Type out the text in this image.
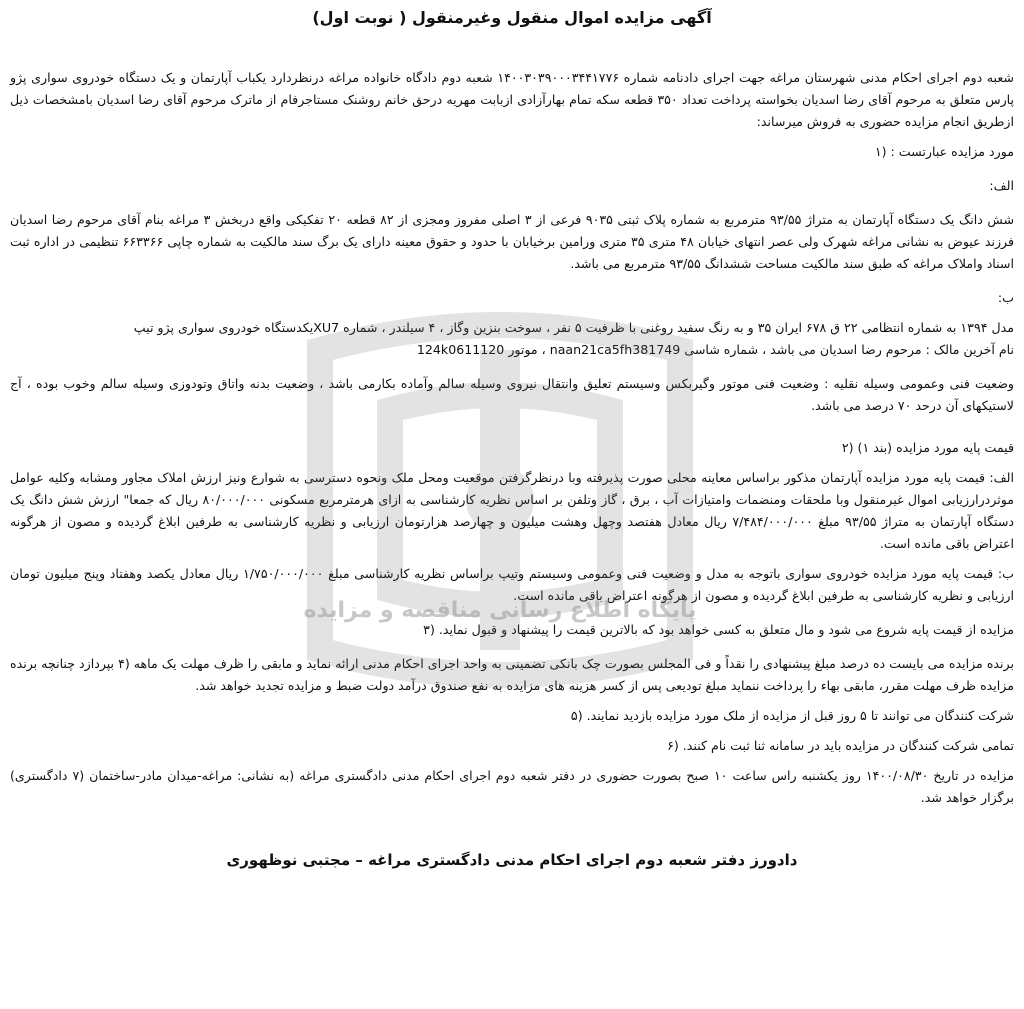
پایگاه اطلاع رسانی مناقصه و مزایده
آگهی مزایده اموال منقول وغیرمنقول ( نوبت اول)

شعبه دوم اجرای احکام مدنی شهرستان مراغه جهت اجرای دادنامه شماره ۱۴۰۰۳۰۳۹۰۰۰۳۴۴۱۷۷۶ شعبه دوم دادگاه خانواده مراغه درنظردارد یکباب آپارتمان و یک دستگاه خودروی سواری پژو پارس متعلق به مرحوم آقای رضا اسدیان بخواسته پرداخت تعداد ۳۵۰ قطعه سکه تمام بهارآزادی ازبابت مهریه درحق خانم روشنک مستاجرفام از ماترک مرحوم آقای رضا اسدیان بامشخصات ذیل ازطریق انجام مزایده حضوری به فروش میرساند:

مورد مزایده عبارتست : (۱

الف:

شش دانگ یک دستگاه آپارتمان به متراژ ۹۳/۵۵ مترمربع به شماره پلاک ثبتی ۹۰۳۵ فرعی از ۳ اصلی مفروز ومجزی از ۸۲ قطعه ۲۰ تفکیکی واقع دربخش ۳ مراغه بنام آقای مرحوم رضا اسدیان فرزند عیوض به نشانی مراغه شهرک ولی عصر انتهای خیابان ۴۸ متری ۳۵ متری ورامین برخیابان با حدود و حقوق معینه دارای یک برگ سند مالکیت به شماره چاپی ۶۶۳۳۶۶ تنظیمی در اداره ثبت اسناد واملاک مراغه که طبق سند مالکیت مساحت ششدانگ ۹۳/۵۵ مترمربع می باشد.

ب:

مدل ۱۳۹۴ به شماره انتظامی ۲۲ ق ۶۷۸ ایران ۳۵ و به رنگ سفید روغنی با ظرفیت ۵ نفر ، سوخت بنزین وگاز ، ۴ سیلندر ، شماره XU7یکدستگاه خودروی سواری پژو تیپ

نام آخرین مالک : مرحوم رضا اسدیان می باشد ، شماره شاسی naan21ca5fh381749 ، موتور 124k0611120

وضعیت فنی وعمومی وسیله نقلیه : وضعیت فنی موتور وگیربکس وسیستم تعلیق وانتقال نیروی وسیله سالم وآماده بکارمی باشد ، وضعیت بدنه واتاق وتودوزی وسیله سالم وخوب بوده ، آج لاستیکهای آن درحد ۷۰ درصد می باشد.

قیمت پایه مورد مزایده (بند ۱) (۲

الف: قیمت پایه مورد مزایده آپارتمان مذکور براساس معاینه محلی صورت پذیرفته وبا درنظرگرفتن موقعیت ومحل ملک ونحوه دسترسی به شوارع ونیز ارزش املاک مجاور ومشابه وکلیه عوامل موثردرارزیابی اموال غیرمنقول وبا ملحقات ومنضمات وامتیازات آب ، برق ، گاز وتلفن بر اساس نظریه کارشناسی به ازای هرمترمربع مسکونی ۸۰/۰۰۰/۰۰۰ ریال که جمعا" ارزش شش دانگ یک دستگاه آپارتمان به متراژ ۹۳/۵۵ مبلغ ۷/۴۸۴/۰۰۰/۰۰۰ ریال معادل هفتصد وچهل وهشت میلیون و چهارصد هزارتومان ارزیابی و نظریه کارشناسی به طرفین ابلاغ گردیده و مصون از هرگونه اعتراض باقی مانده است.

ب: قیمت پایه مورد مزایده خودروی سواری باتوجه به مدل و وضعیت فنی وعمومی وسیستم وتیپ براساس نظریه کارشناسی مبلغ ۱/۷۵۰/۰۰۰/۰۰۰ ریال معادل یکصد وهفتاد وپنج میلیون تومان ارزیابی و نظریه کارشناسی به طرفین ابلاغ گردیده و مصون از هرگونه اعتراض باقی مانده است.

مزایده از قیمت پایه شروع می شود و مال متعلق به کسی خواهد بود که بالاترین قیمت را پیشنهاد و قبول نماید. (۳

برنده مزایده می بایست ده درصد مبلغ پیشنهادی را نقداً و فی المجلس بصورت چک بانکی تضمینی به واحد اجرای احکام مدنی ارائه نماید و مابقی را ظرف مهلت یک ماهه (۴ بپردازد چنانچه برنده مزایده ظرف مهلت مقرر، مابقی بهاء را پرداخت ننماید مبلغ تودیعی پس از کسر هزینه های مزایده به نفع صندوق درآمد دولت ضبط و مزایده تجدید خواهد شد.

شرکت کنندگان می توانند تا ۵ روز قبل از مزایده از ملک مورد مزایده بازدید نمایند. (۵

تمامی شرکت کنندگان در مزایده باید در سامانه ثنا ثبت نام کنند. (۶

مزایده در تاریخ ۱۴۰۰/۰۸/۳۰ روز یکشنبه راس ساعت ۱۰ صبح بصورت حضوری در دفتر شعبه دوم اجرای احکام مدنی دادگستری مراغه (به نشانی: مراغه-میدان مادر-ساختمان (۷ دادگستری) برگزار خواهد شد.

دادورز دفتر شعبه دوم اجرای احکام مدنی دادگستری مراغه – مجتبی نوظهوری
